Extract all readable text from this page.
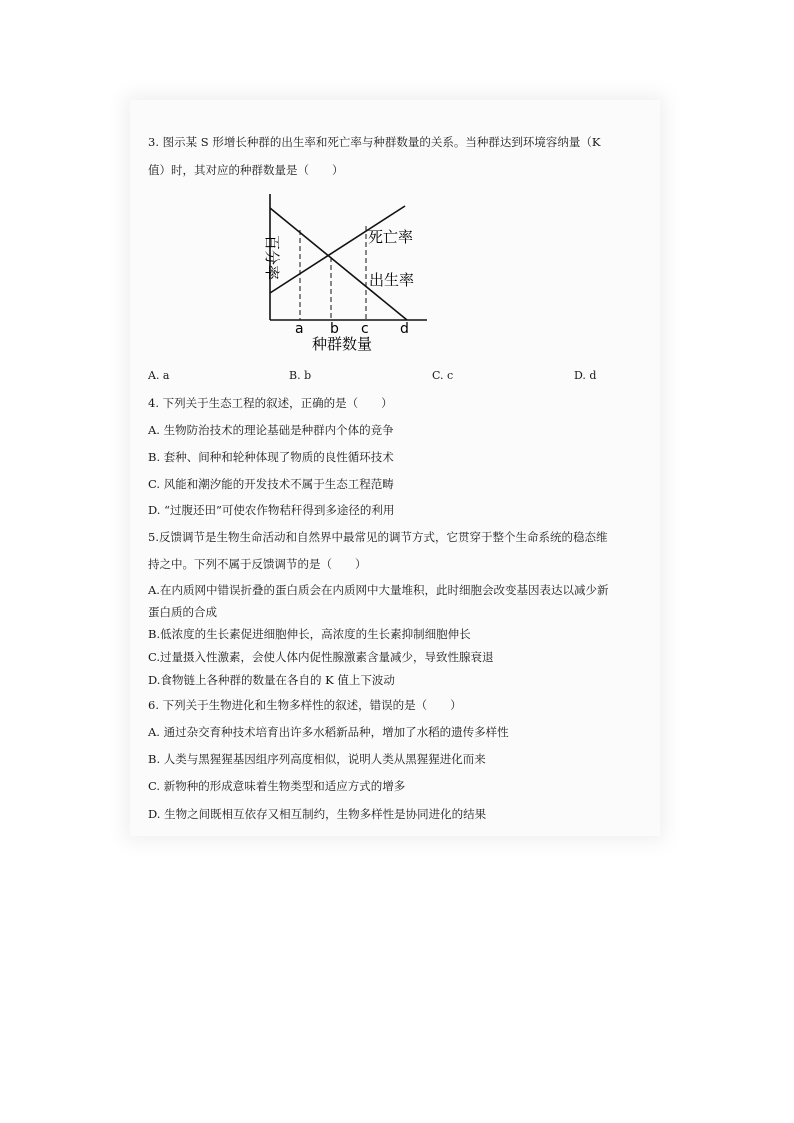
3. 图示某 S 形增长种群的出生率和死亡率与种群数量的关系。当种群达到环境容纳量（K
值）时，其对应的种群数量是（　　）
百分率	死亡率
出生率
a b c d
种群数量
A. a	B. b	C. c	D. d
4. 下列关于生态工程的叙述，正确的是（　　）
A. 生物防治技术的理论基础是种群内个体的竞争
B. 套种、间种和轮种体现了物质的良性循环技术
C. 风能和潮汐能的开发技术不属于生态工程范畴
D. “过腹还田”可使农作物秸秆得到多途径的利用
5.反馈调节是生物生命活动和自然界中最常见的调节方式，它贯穿于整个生命系统的稳态维
持之中。下列不属于反馈调节的是（　　）
A.在内质网中错误折叠的蛋白质会在内质网中大量堆积，此时细胞会改变基因表达以减少新
蛋白质的合成
B.低浓度的生长素促进细胞伸长，高浓度的生长素抑制细胞伸长
C.过量摄入性激素，会使人体内促性腺激素含量减少，导致性腺衰退
D.食物链上各种群的数量在各自的 K 值上下波动
6. 下列关于生物进化和生物多样性的叙述，错误的是（　　）
A. 通过杂交育种技术培育出许多水稻新品种，增加了水稻的遗传多样性
B. 人类与黑猩猩基因组序列高度相似，说明人类从黑猩猩进化而来
C. 新物种的形成意味着生物类型和适应方式的增多
D. 生物之间既相互依存又相互制约，生物多样性是协同进化的结果
